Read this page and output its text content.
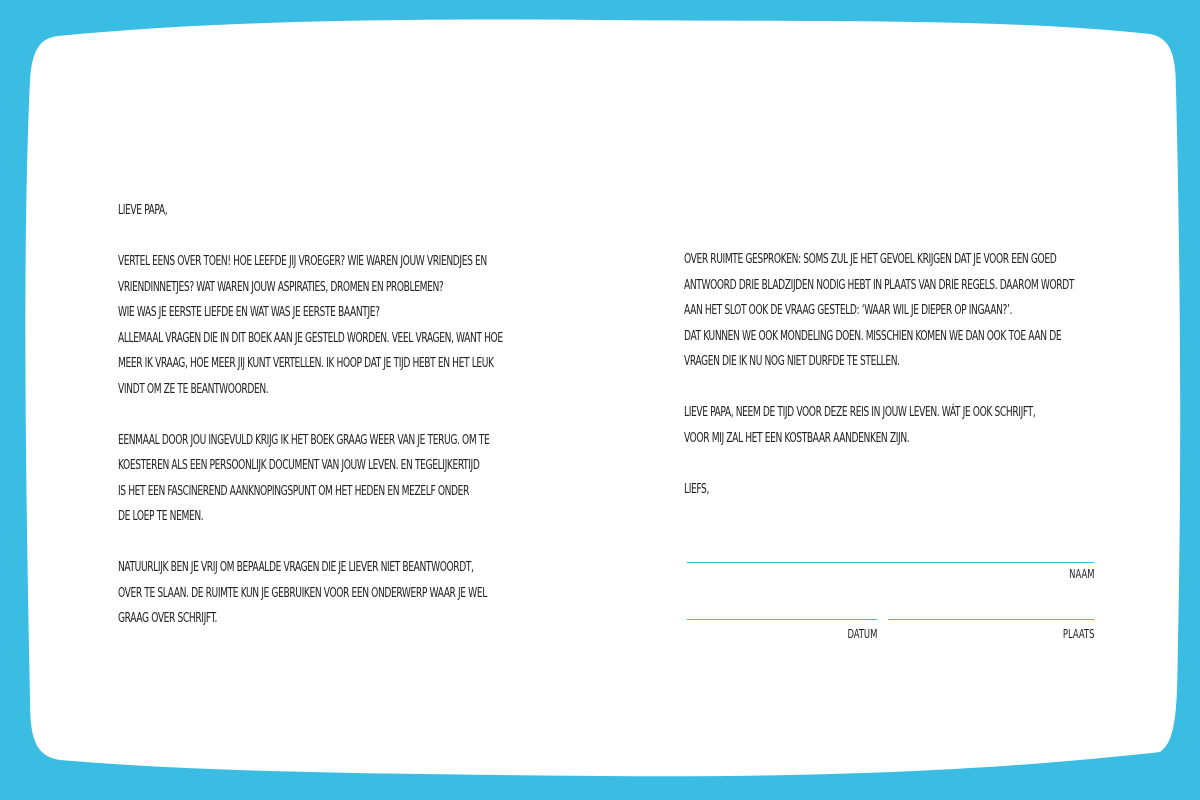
LIEVE PAPA,
VERTEL EENS OVER TOEN! HOE LEEFDE JIJ VROEGER? WIE WAREN JOUW VRIENDJES EN
VRIENDINNETJES? WAT WAREN JOUW ASPIRATIES, DROMEN EN PROBLEMEN?
WIE WAS JE EERSTE LIEFDE EN WAT WAS JE EERSTE BAANTJE?
ALLEMAAL VRAGEN DIE IN DIT BOEK AAN JE GESTELD WORDEN. VEEL VRAGEN, WANT HOE
MEER IK VRAAG, HOE MEER JIJ KUNT VERTELLEN. IK HOOP DAT JE TIJD HEBT EN HET LEUK
VINDT OM ZE TE BEANTWOORDEN.
EENMAAL DOOR JOU INGEVULD KRIJG IK HET BOEK GRAAG WEER VAN JE TERUG. OM TE
KOESTEREN ALS EEN PERSOONLIJK DOCUMENT VAN JOUW LEVEN. EN TEGELIJKERTIJD
IS HET EEN FASCINEREND AANKNOPINGSPUNT OM HET HEDEN EN MEZELF ONDER
DE LOEP TE NEMEN.
NATUURLIJK BEN JE VRIJ OM BEPAALDE VRAGEN DIE JE LIEVER NIET BEANTWOORDT,
OVER TE SLAAN. DE RUIMTE KUN JE GEBRUIKEN VOOR EEN ONDERWERP WAAR JE WEL
GRAAG OVER SCHRIJFT.
OVER RUIMTE GESPROKEN: SOMS ZUL JE HET GEVOEL KRIJGEN DAT JE VOOR EEN GOED
ANTWOORD DRIE BLADZIJDEN NODIG HEBT IN PLAATS VAN DRIE REGELS. DAAROM WORDT
AAN HET SLOT OOK DE VRAAG GESTELD: ‘WAAR WIL JE DIEPER OP INGAAN?’.
DAT KUNNEN WE OOK MONDELING DOEN. MISSCHIEN KOMEN WE DAN OOK TOE AAN DE
VRAGEN DIE IK NU NOG NIET DURFDE TE STELLEN.
LIEVE PAPA, NEEM DE TIJD VOOR DEZE REIS IN JOUW LEVEN. WÁT JE OOK SCHRIJFT,
VOOR MIJ ZAL HET EEN KOSTBAAR AANDENKEN ZIJN.
LIEFS,
NAAM
DATUM	PLAATS
